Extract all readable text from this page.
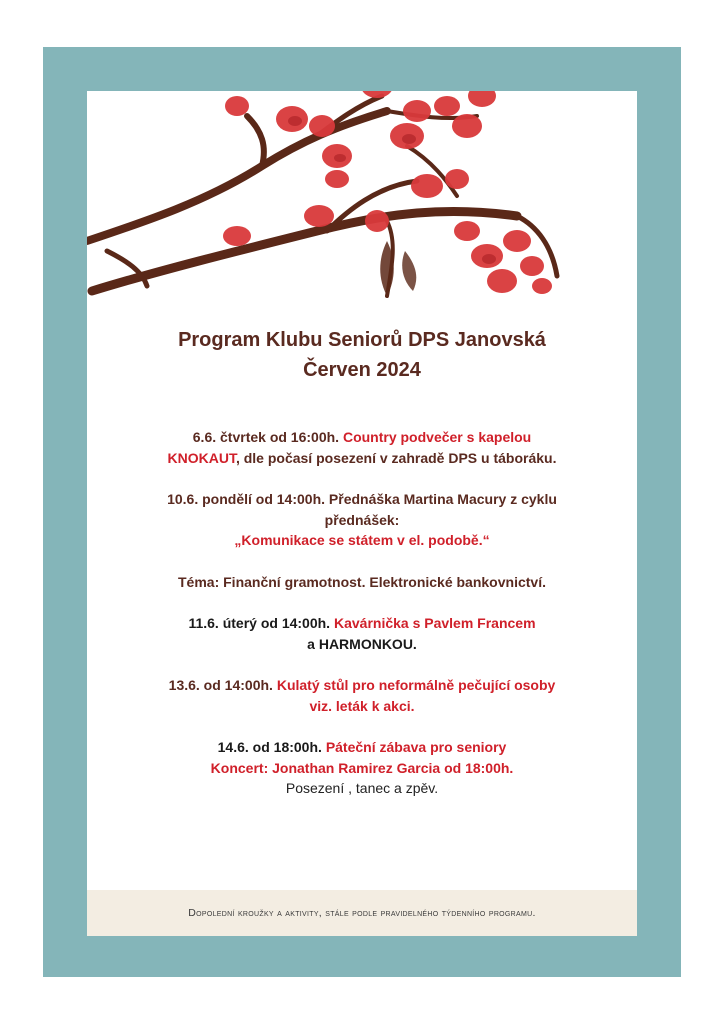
Program Klubu Seniorů DPS Janovská
Červen 2024
6.6. čtvrtek od 16:00h. Country podvečer s kapelou
KNOKAUT, dle počasí posezení v zahradě DPS u táboráku.
10.6. pondělí od 14:00h. Přednáška Martina Macury z cyklu
přednášek:
„Komunikace se státem v el. podobě.“
Téma: Finanční gramotnost. Elektronické bankovnictví.
11.6. úterý od 14:00h. Kavárnička s Pavlem Francem
a HARMONKOU.
13.6. od 14:00h. Kulatý stůl pro neformálně pečující osoby
viz. leták k akci.
14.6. od 18:00h. Páteční zábava pro seniory
Koncert: Jonathan Ramirez Garcia od 18:00h.
Posezení , tanec a zpěv.
Dopolední kroužky a aktivity, stále podle pravidelného týdenního programu.
